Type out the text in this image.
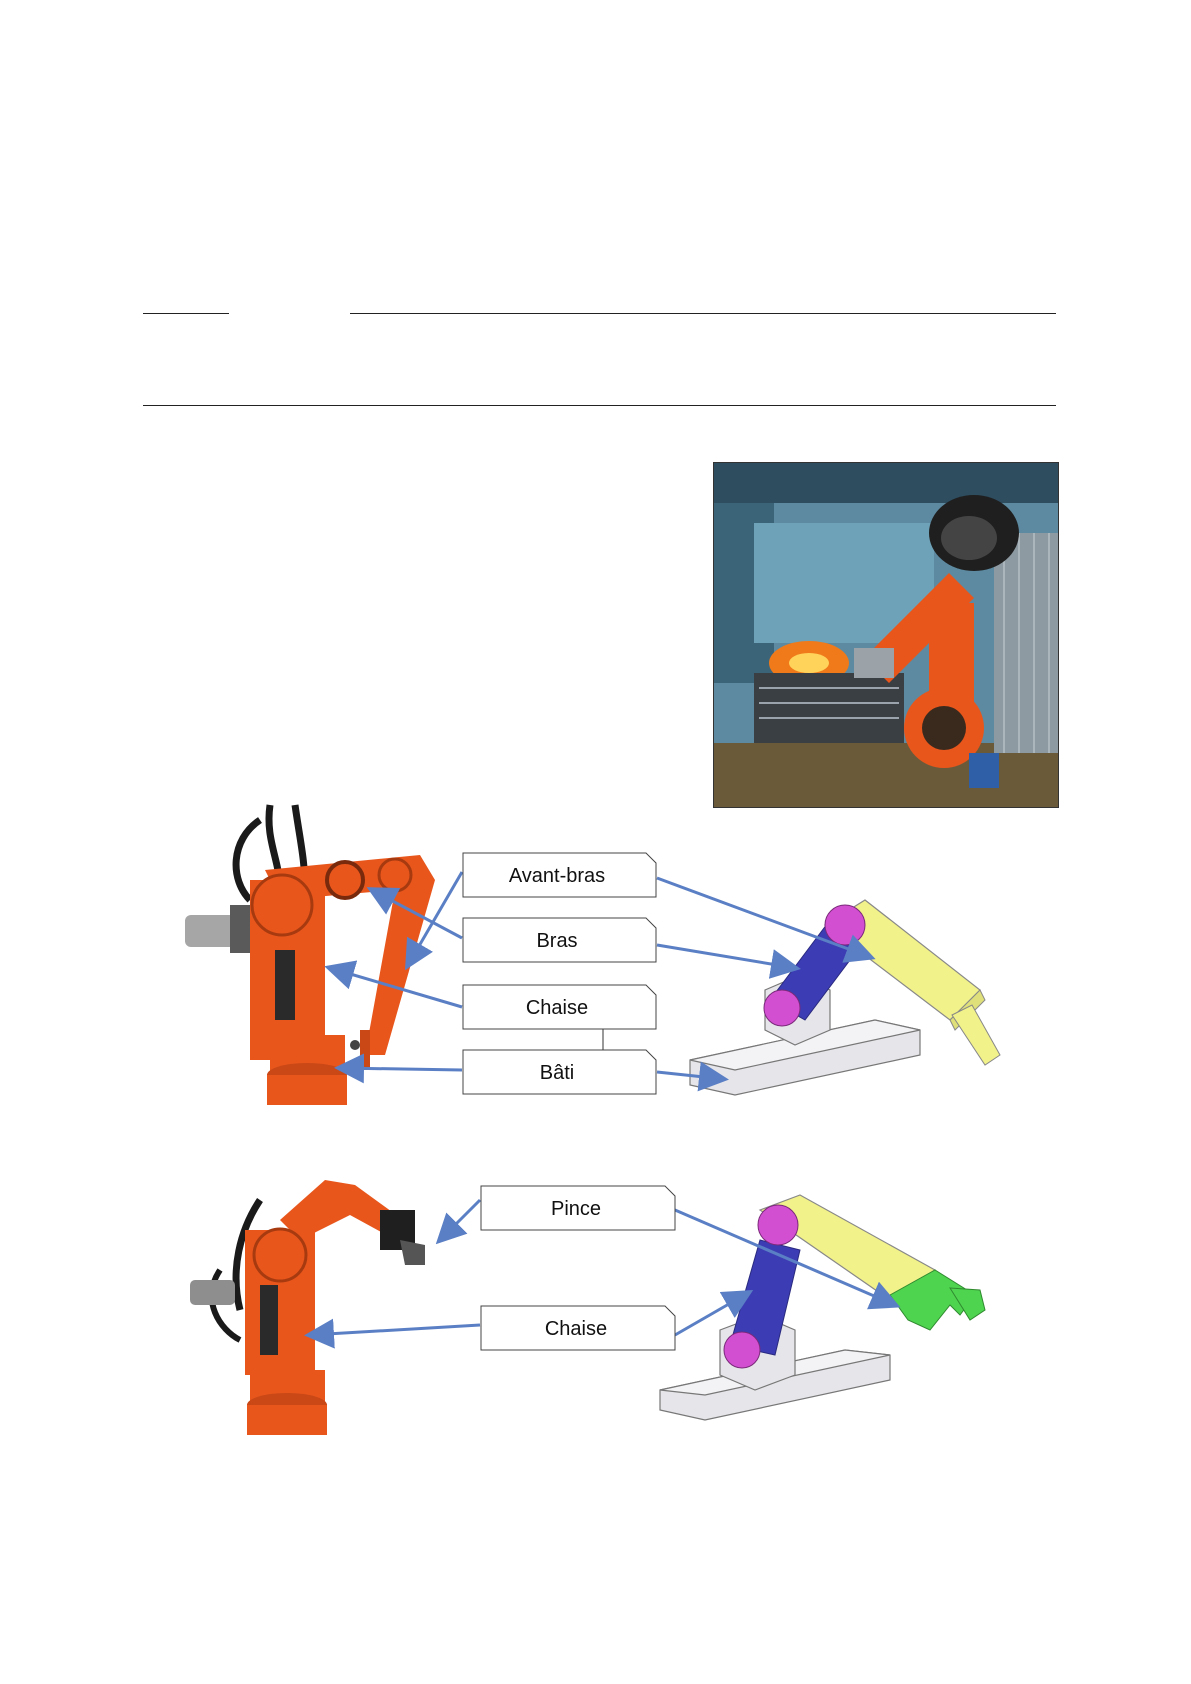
Avant-bras
Bras
Chaise
Bâti
Pince
Chaise
